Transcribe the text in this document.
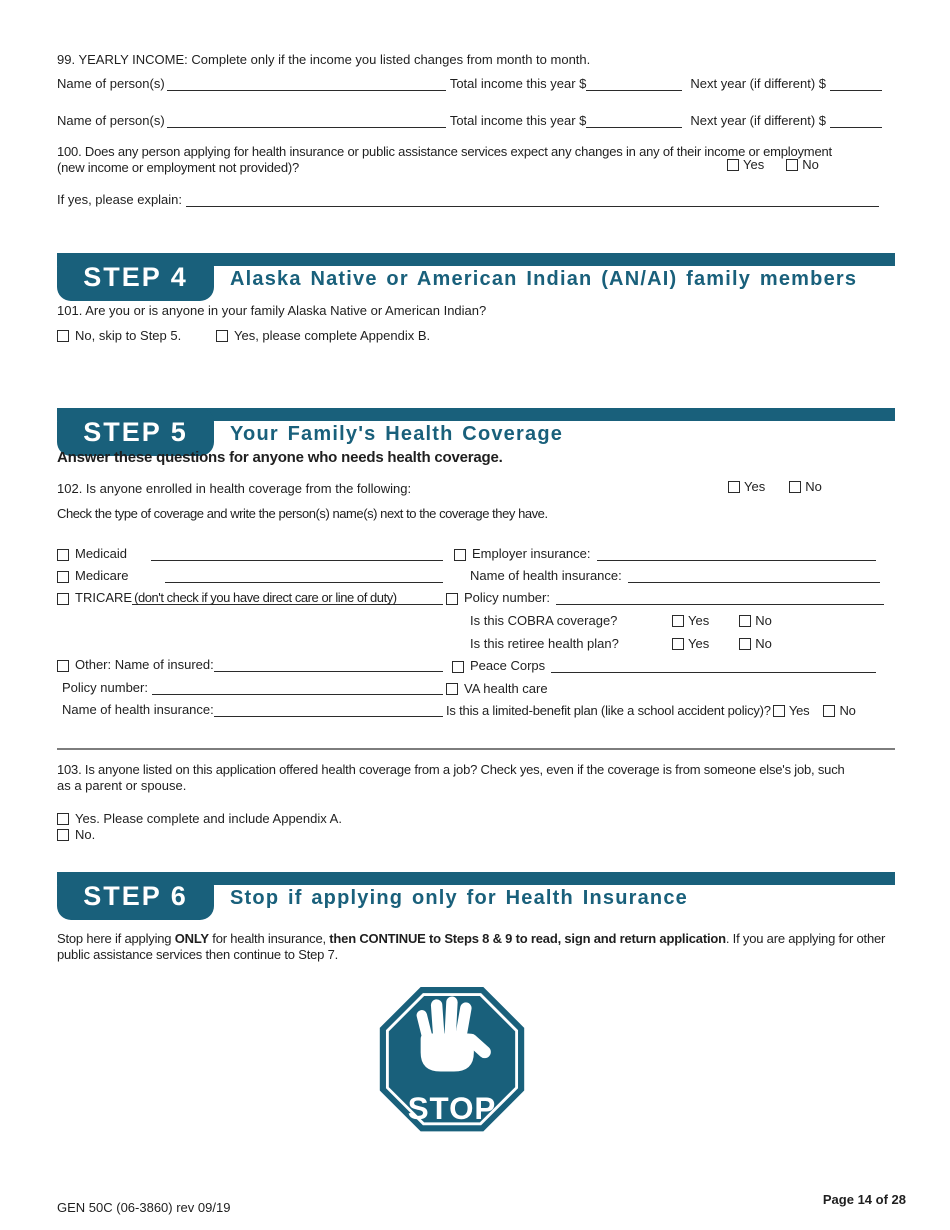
99. YEARLY INCOME: Complete only if the income you listed changes from month to month.
Name of person(s)	Total income this year $	Next year (if different) $
Name of person(s)	Total income this year $	Next year (if different) $
100. Does any person applying for health insurance or public assistance services expect any changes in any of their income or employment
(new income or employment not provided)?	Yes	No
If yes, please explain:
STEP 4	Alaska Native or American Indian (AN/AI) family members
101. Are you or is anyone in your family Alaska Native or American Indian?
No, skip to Step 5.	Yes, please complete Appendix B.
STEP 5	Your Family's Health Coverage
Answer these questions for anyone who needs health coverage.
102. Is anyone enrolled in health coverage from the following:	Yes	No
Check the type of coverage and write the person(s) name(s) next to the coverage they have.
Medicaid
Medicare
TRICARE (don't check if you have direct care or line of duty)
Other: Name of insured:
Policy number:
Name of health insurance:
Employer insurance:
Name of health insurance:
Policy number:
Is this COBRA coverage?	Yes	No
Is this retiree health plan?	Yes	No
Peace Corps
VA health care
Is this a limited-benefit plan (like a school accident policy)? Yes No
103. Is anyone listed on this application offered health coverage from a job? Check yes, even if the coverage is from someone else's job, such
as a parent or spouse.
Yes. Please complete and include Appendix A.
No.
STEP 6	Stop if applying only for Health Insurance
Stop here if applying ONLY for health insurance, then CONTINUE to Steps 8 & 9 to read, sign and return application. If you are applying for other public assistance services then continue to Step 7.
STOP
GEN 50C (06-3860) rev 09/19
Page 14 of 28
